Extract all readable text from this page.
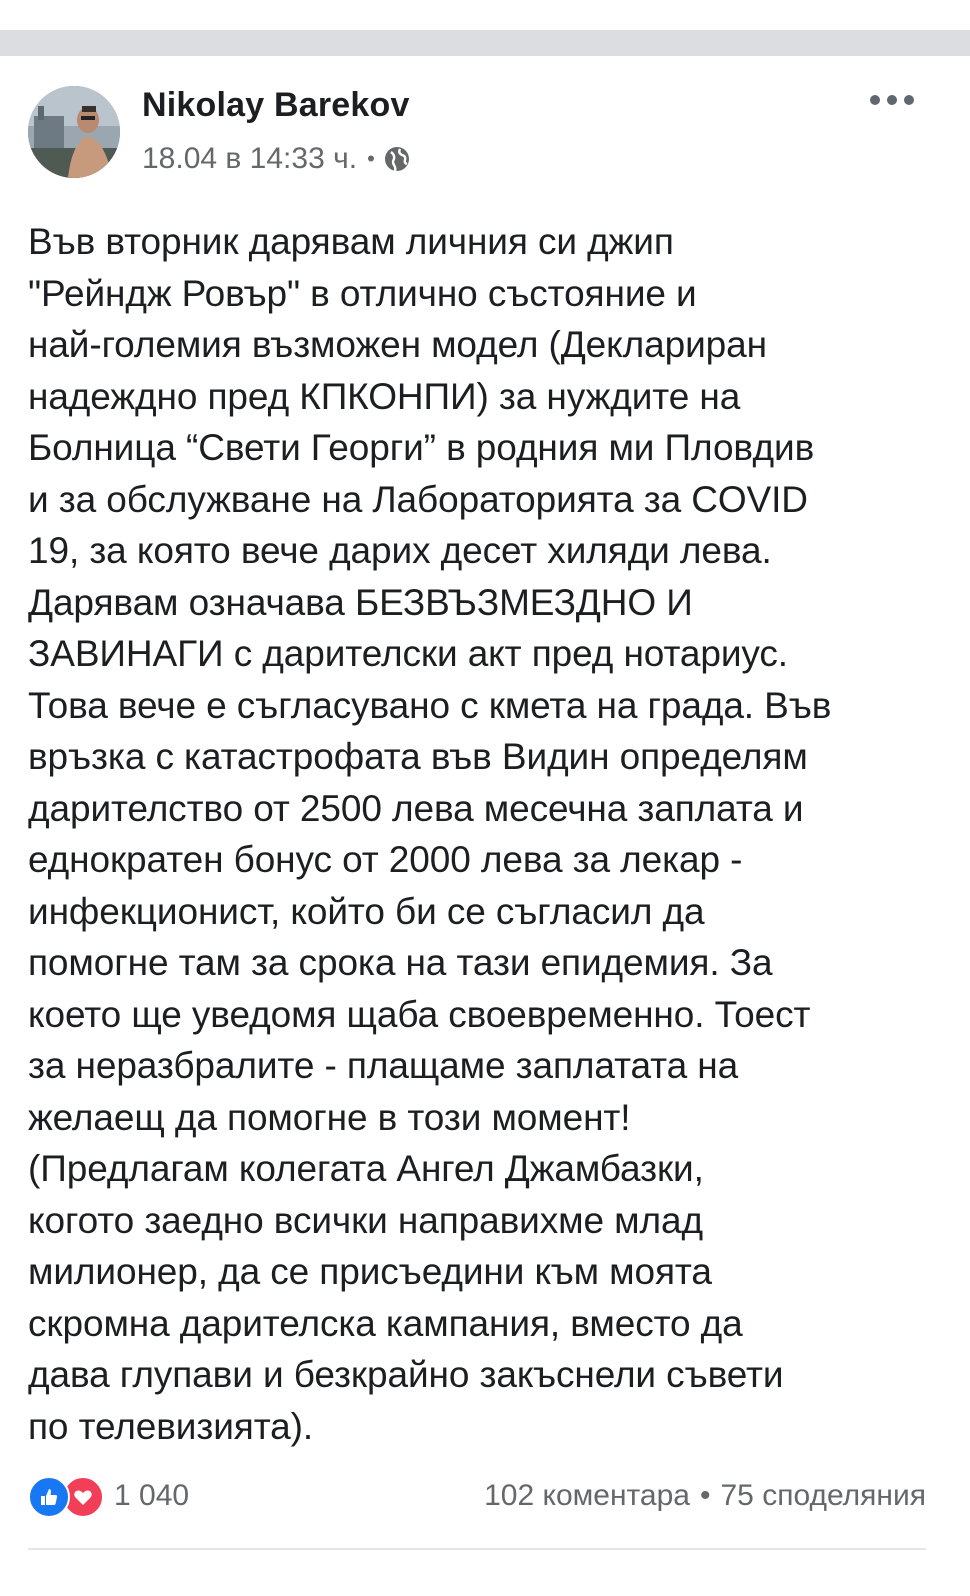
Nikolay Barekov
18.04 в 14:33 ч. •
Във вторник дарявам личния си джип
"Рейндж Ровър" в отлично състояние и
най-големия възможен модел (Деклариран
надеждно пред КПКОНПИ) за нуждите на
Болница “Свети Георги” в родния ми Пловдив
и за обслужване на Лабораторията за COVID
19, за която вече дарих десет хиляди лева.
Дарявам означава БЕЗВЪЗМЕЗДНО И
ЗАВИНАГИ с дарителски акт пред нотариус.
Това вече е съгласувано с кмета на града. Във
връзка с катастрофата във Видин определям
дарителство от 2500 лева месечна заплата и
еднократен бонус от 2000 лева за лекар -
инфекционист, който би се съгласил да
помогне там за срока на тази епидемия. За
което ще уведомя щаба своевременно. Тоест
за неразбралите - плащаме заплатата на
желаещ да помогне в този момент!
(Предлагам колегата Ангел Джамбазки,
когото заедно всички направихме млад
милионер, да се присъедини към моята
скромна дарителска кампания, вместо да
дава глупави и безкрайно закъснели съвети
по телевизията).
1 040	102 коментара • 75 споделяния
